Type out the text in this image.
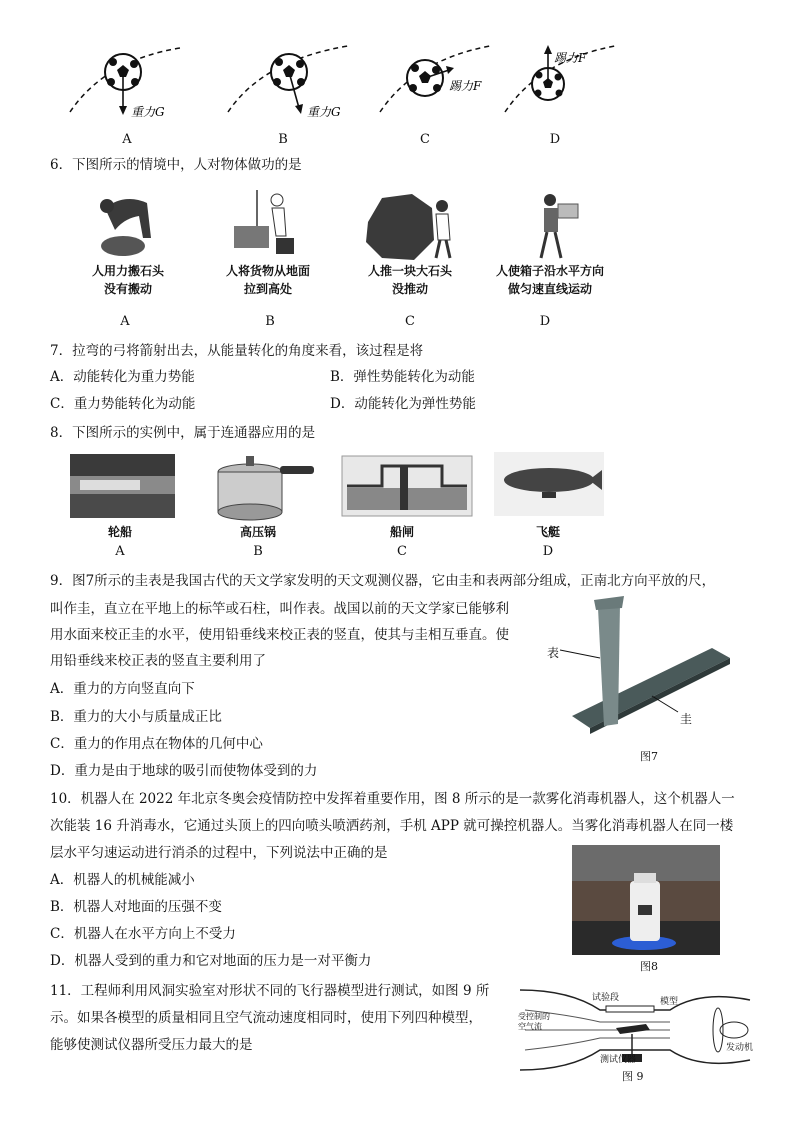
重力G	重力G
踢力F
踢力F
A	B	C	D
6．下图所示的情境中，人对物体做功的是
人用力搬石头
没有搬动
人将货物从地面
拉到高处
人推一块大石头
没推动
人使箱子沿水平方向
做匀速直线运动
A	B	C	D
7．拉弯的弓将箭射出去，从能量转化的角度来看，该过程是将
A．动能转化为重力势能	B．弹性势能转化为动能
C．重力势能转化为动能	D．动能转化为弹性势能
8．下图所示的实例中，属于连通器应用的是
轮船	高压锅	船闸	飞艇
A	B	C	D
9．图7所示的圭表是我国古代的天文学家发明的天文观测仪器，它由圭和表两部分组成，正南北方向平放的尺，
叫作圭，直立在平地上的标竿或石柱，叫作表。战国以前的天文学家已能够利
用水面来校正圭的水平，使用铅垂线来校正表的竖直，使其与圭相互垂直。使
用铅垂线来校正表的竖直主要利用了
A．重力的方向竖直向下
B．重力的大小与质量成正比
C．重力的作用点在物体的几何中心
D．重力是由于地球的吸引而使物体受到的力
表
圭
图7
10．机器人在 2022 年北京冬奥会疫情防控中发挥着重要作用，图 8 所示的是一款雾化消毒机器人，这个机器人一
次能装 16 升消毒水，它通过头顶上的四向喷头喷洒药剂，手机 APP 就可操控机器人。当雾化消毒机器人在同一楼
层水平匀速运动进行消杀的过程中，下列说法中正确的是
A．机器人的机械能减小
B．机器人对地面的压强不变
C．机器人在水平方向上不受力
D．机器人受到的重力和它对地面的压力是一对平衡力	图8
11．工程师利用风洞实验室对形状不同的飞行器模型进行测试，如图 9 所
示。如果各模型的质量相同且空气流动速度相同时，使用下列四种模型，
能够使测试仪器所受压力最大的是
试验段	模型
受控制的
空气流
测试仪器
发动机
图 9
